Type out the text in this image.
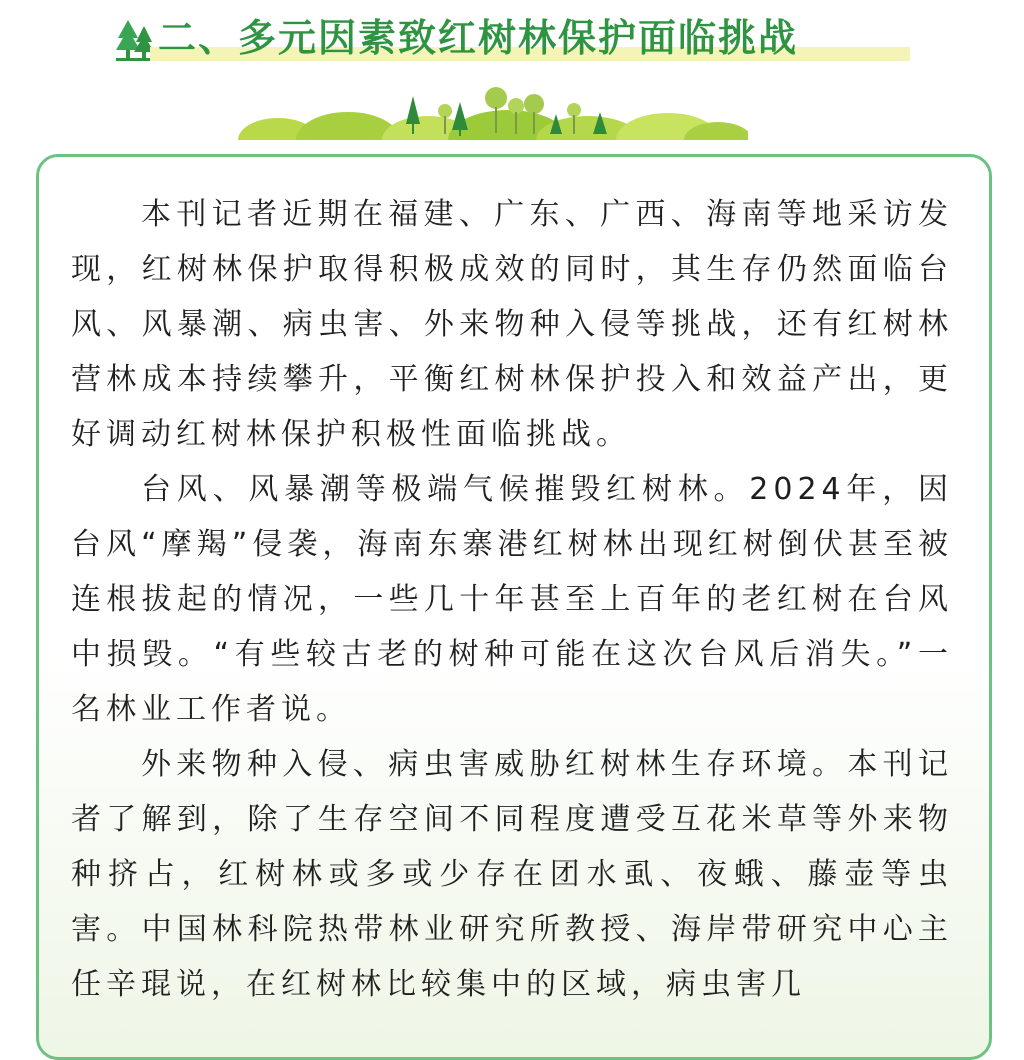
二、多元因素致红树林保护面临挑战

本刊记者近期在福建、广东、广西、海南等地采访发现，红树林保护取得积极成效的同时，其生存仍然面临台风、风暴潮、病虫害、外来物种入侵等挑战，还有红树林营林成本持续攀升，平衡红树林保护投入和效益产出，更好调动红树林保护积极性面临挑战。

台风、风暴潮等极端气候摧毁红树林。2024年，因台风“摩羯”侵袭，海南东寨港红树林出现红树倒伏甚至被连根拔起的情况，一些几十年甚至上百年的老红树在台风中损毁。“有些较古老的树种可能在这次台风后消失。”一名林业工作者说。

外来物种入侵、病虫害威胁红树林生存环境。本刊记者了解到，除了生存空间不同程度遭受互花米草等外来物种挤占，红树林或多或少存在团水虱、夜蛾、藤壶等虫害。中国林科院热带林业研究所教授、海岸带研究中心主任辛琨说，在红树林比较集中的区域，病虫害几
